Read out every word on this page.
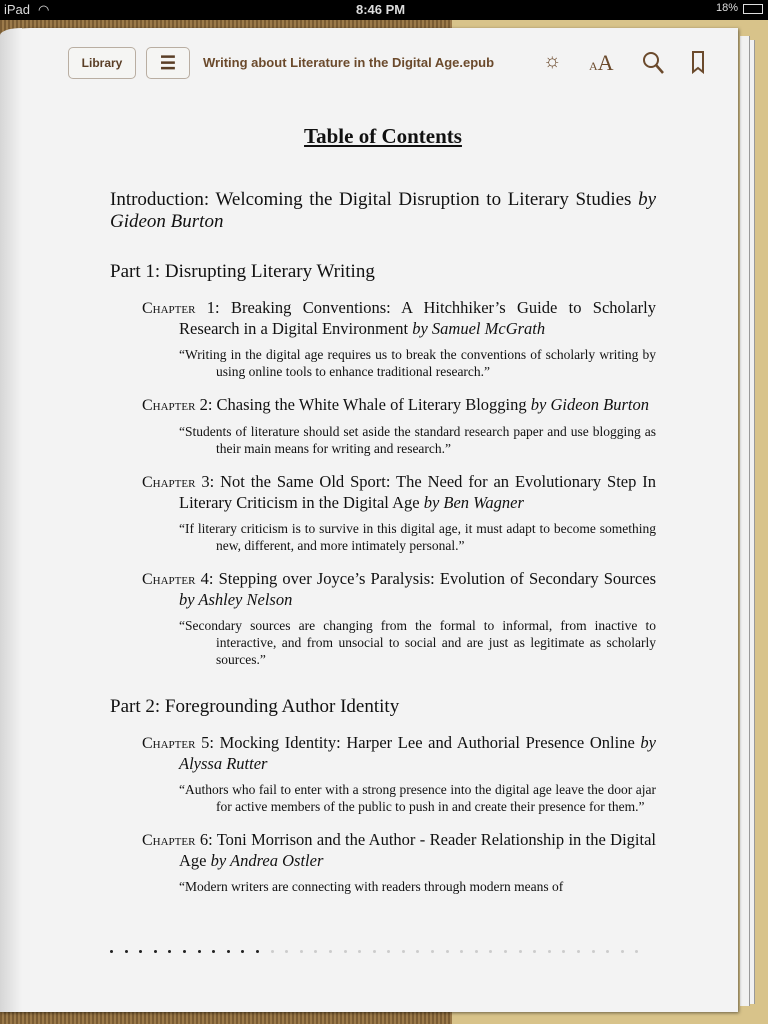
iPad ◠	8:46 PM	18%
Library	☰ Writing about Literature in the Digital Age.epub ☼ AA
Table of Contents
Introduction: Welcoming the Digital Disruption to Literary Studies by Gideon Burton
Part 1: Disrupting Literary Writing
Chapter 1: Breaking Conventions: A Hitchhiker’s Guide to Scholarly Research in a Digital Environment by Samuel McGrath
“Writing in the digital age requires us to break the conventions of scholarly writing by using online tools to enhance traditional research.”
Chapter 2: Chasing the White Whale of Literary Blogging by Gideon Burton
“Students of literature should set aside the standard research paper and use blogging as their main means for writing and research.”
Chapter 3: Not the Same Old Sport: The Need for an Evolutionary Step In Literary Criticism in the Digital Age by Ben Wagner
“If literary criticism is to survive in this digital age, it must adapt to become something new, different, and more intimately personal.”
Chapter 4: Stepping over Joyce’s Paralysis: Evolution of Secondary Sources by Ashley Nelson
“Secondary sources are changing from the formal to informal, from inactive to interactive, and from unsocial to social and are just as legitimate as scholarly sources.”
Part 2: Foregrounding Author Identity
Chapter 5: Mocking Identity: Harper Lee and Authorial Presence Online by Alyssa Rutter
“Authors who fail to enter with a strong presence into the digital age leave the door ajar for active members of the public to push in and create their presence for them.”
Chapter 6: Toni Morrison and the Author - Reader Relationship in the Digital Age by Andrea Ostler
“Modern writers are connecting with readers through modern means of
